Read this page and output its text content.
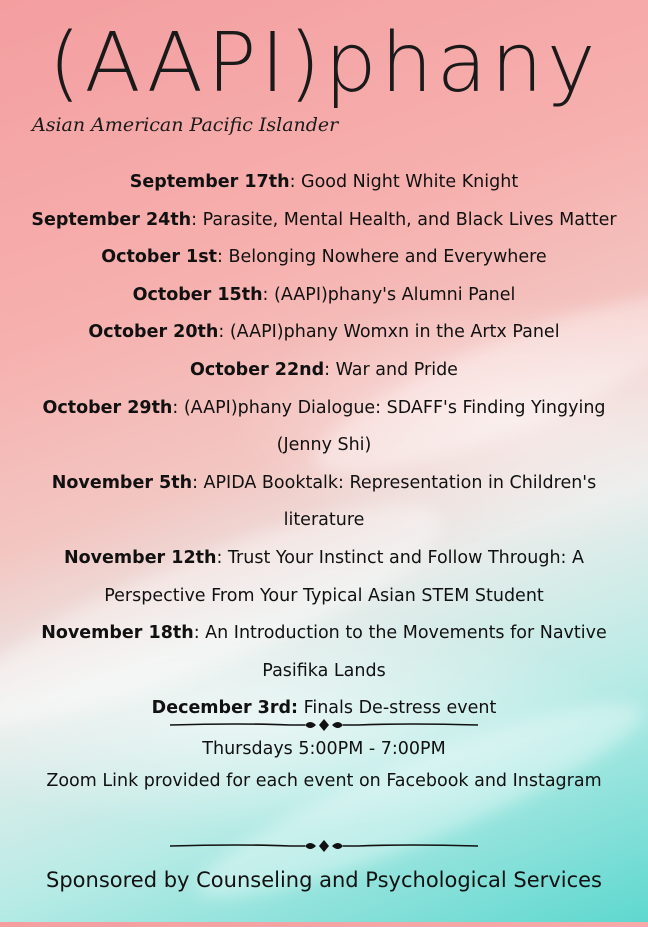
(AAPI)phany
Asian American Pacific Islander
September 17th: Good Night White Knight
September 24th: Parasite, Mental Health, and Black Lives Matter
October 1st: Belonging Nowhere and Everywhere
October 15th: (AAPI)phany's Alumni Panel
October 20th: (AAPI)phany Womxn in the Artx Panel
October 22nd: War and Pride
October 29th: (AAPI)phany Dialogue: SDAFF's Finding Yingying (Jenny Shi)
November 5th: APIDA Booktalk: Representation in Children's literature
November 12th: Trust Your Instinct and Follow Through: A Perspective From Your Typical Asian STEM Student
November 18th: An Introduction to the Movements for Navtive Pasifika Lands
December 3rd: Finals De-stress event
Thursdays 5:00PM - 7:00PM
Zoom Link provided for each event on Facebook and Instagram
Sponsored by Counseling and Psychological Services
